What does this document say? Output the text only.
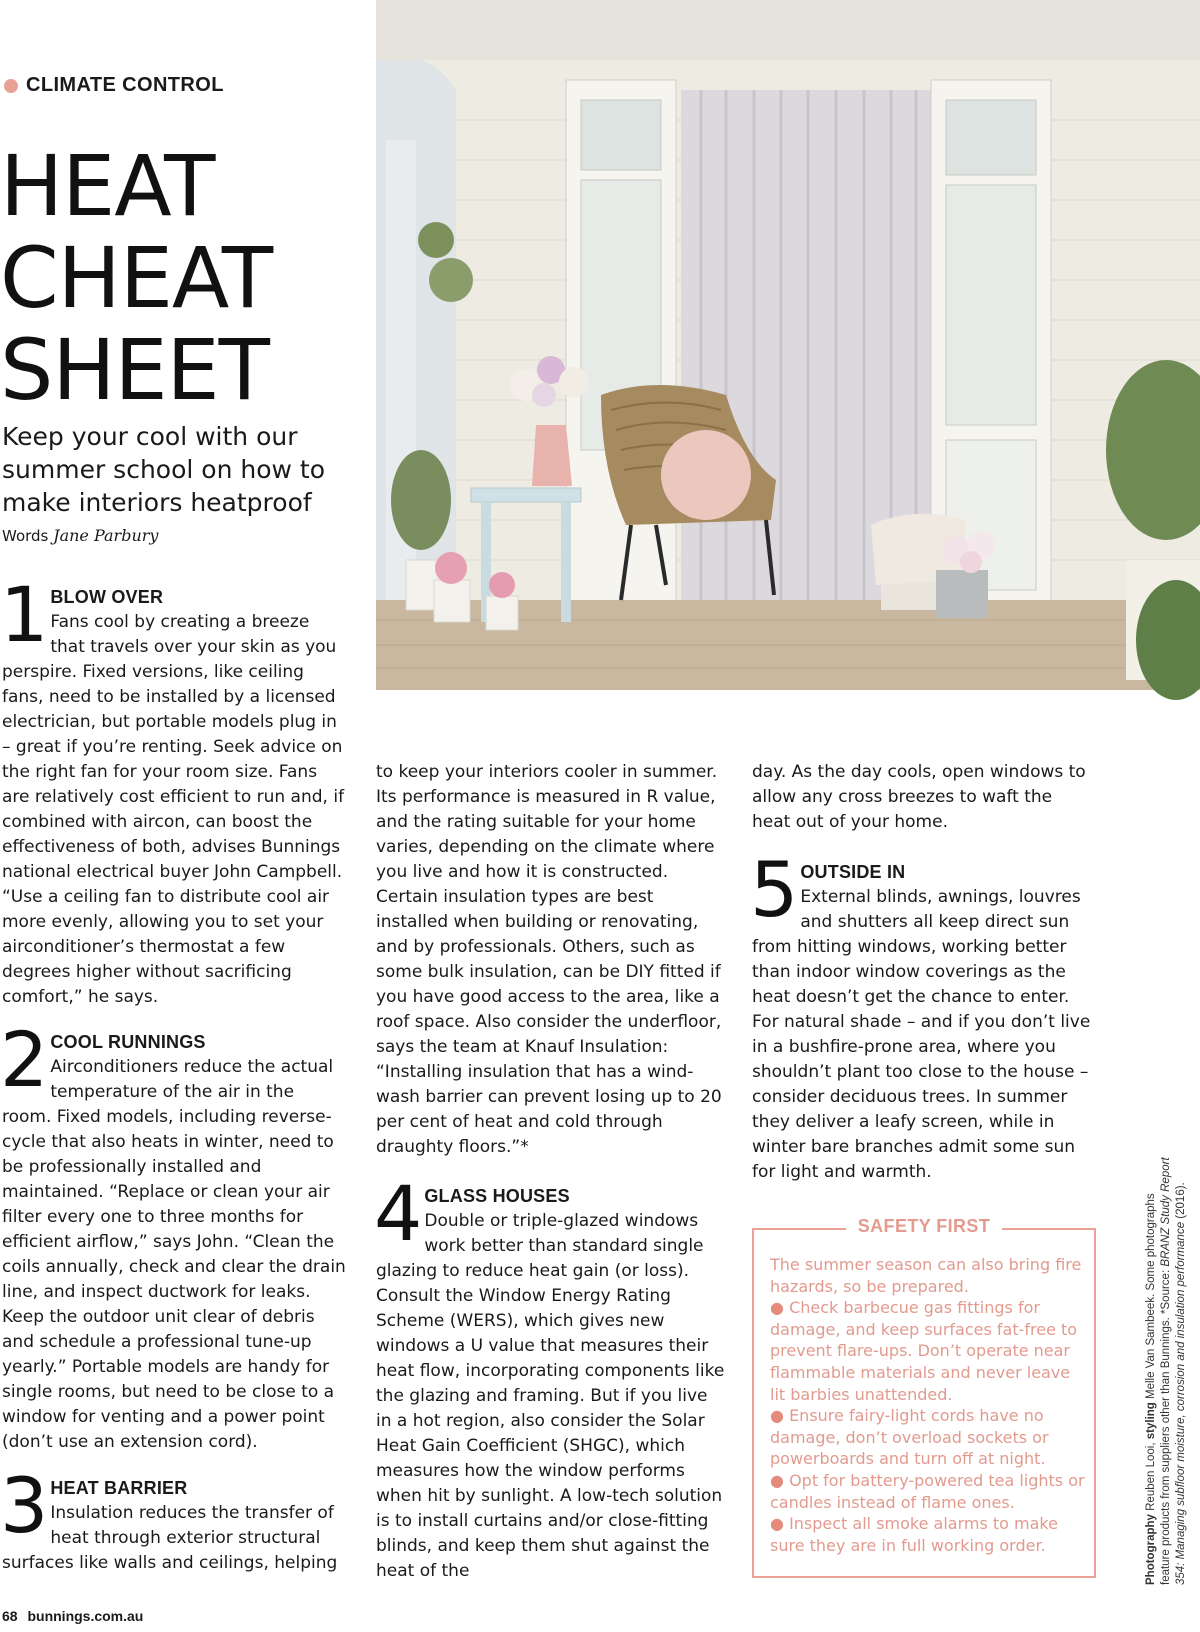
CLIMATE CONTROL
HEAT
CHEAT
SHEET

Keep your cool with our summer school on how to make interiors heatproof

Words Jane Parbury
1 BLOW OVER

Fans cool by creating a breeze that travels over your skin as you perspire. Fixed versions, like ceiling fans, need to be installed by a licensed electrician, but portable models plug in – great if you’re renting. Seek advice on the right fan for your room size. Fans are relatively cost efficient to run and, if combined with aircon, can boost the effectiveness of both, advises Bunnings national electrical buyer John Campbell. “Use a ceiling fan to distribute cool air more evenly, allowing you to set your airconditioner’s thermostat a few degrees higher without sacrificing comfort,” he says.

2 COOL RUNNINGS

Airconditioners reduce the actual temperature of the air in the room. Fixed models, including reverse-cycle that also heats in winter, need to be professionally installed and maintained. “Replace or clean your air filter every one to three months for efficient airflow,” says John. “Clean the coils annually, check and clear the drain line, and inspect ductwork for leaks. Keep the outdoor unit clear of debris and schedule a professional tune-up yearly.” Portable models are handy for single rooms, but need to be close to a window for venting and a power point (don’t use an extension cord).

3 HEAT BARRIER

Insulation reduces the transfer of heat through exterior structural surfaces like walls and ceilings, helping

to keep your interiors cooler in summer. Its performance is measured in R value, and the rating suitable for your home varies, depending on the climate where you live and how it is constructed. Certain insulation types are best installed when building or renovating, and by professionals. Others, such as some bulk insulation, can be DIY fitted if you have good access to the area, like a roof space. Also consider the underfloor, says the team at Knauf Insulation: “Installing insulation that has a wind-wash barrier can prevent losing up to 20 per cent of heat and cold through draughty floors.”*

4 GLASS HOUSES

Double or triple-glazed windows work better than standard single glazing to reduce heat gain (or loss). Consult the Window Energy Rating Scheme (WERS), which gives new windows a U value that measures their heat flow, incorporating components like the glazing and framing. But if you live in a hot region, also consider the Solar Heat Gain Coefficient (SHGC), which measures how the window performs when hit by sunlight. A low-tech solution is to install curtains and/or close-fitting blinds, and keep them shut against the heat of the

day. As the day cools, open windows to allow any cross breezes to waft the heat out of your home.

5 OUTSIDE IN

External blinds, awnings, louvres and shutters all keep direct sun from hitting windows, working better than indoor window coverings as the heat doesn’t get the chance to enter. For natural shade – and if you don’t live in a bushfire-prone area, where you shouldn’t plant too close to the house – consider deciduous trees. In summer they deliver a leafy screen, while in winter bare branches admit some sun for light and warmth.

SAFETY FIRST

The summer season can also bring fire hazards, so be prepared.

● Check barbecue gas fittings for damage, and keep surfaces fat-free to prevent flare-ups. Don’t operate near flammable materials and never leave lit barbies unattended.

● Ensure fairy-light cords have no damage, don’t overload sockets or powerboards and turn off at night.

● Opt for battery-powered tea lights or candles instead of flame ones.

● Inspect all smoke alarms to make sure they are in full working order.	Photography Reuben Looi, styling Melle Van Sambeek. Some photographs feature products from suppliers other than Bunnings. *Source: BRANZ Study Report 354: Managing subfloor moisture, corrosion and insulation performance (2016).
68 bunnings.com.au
